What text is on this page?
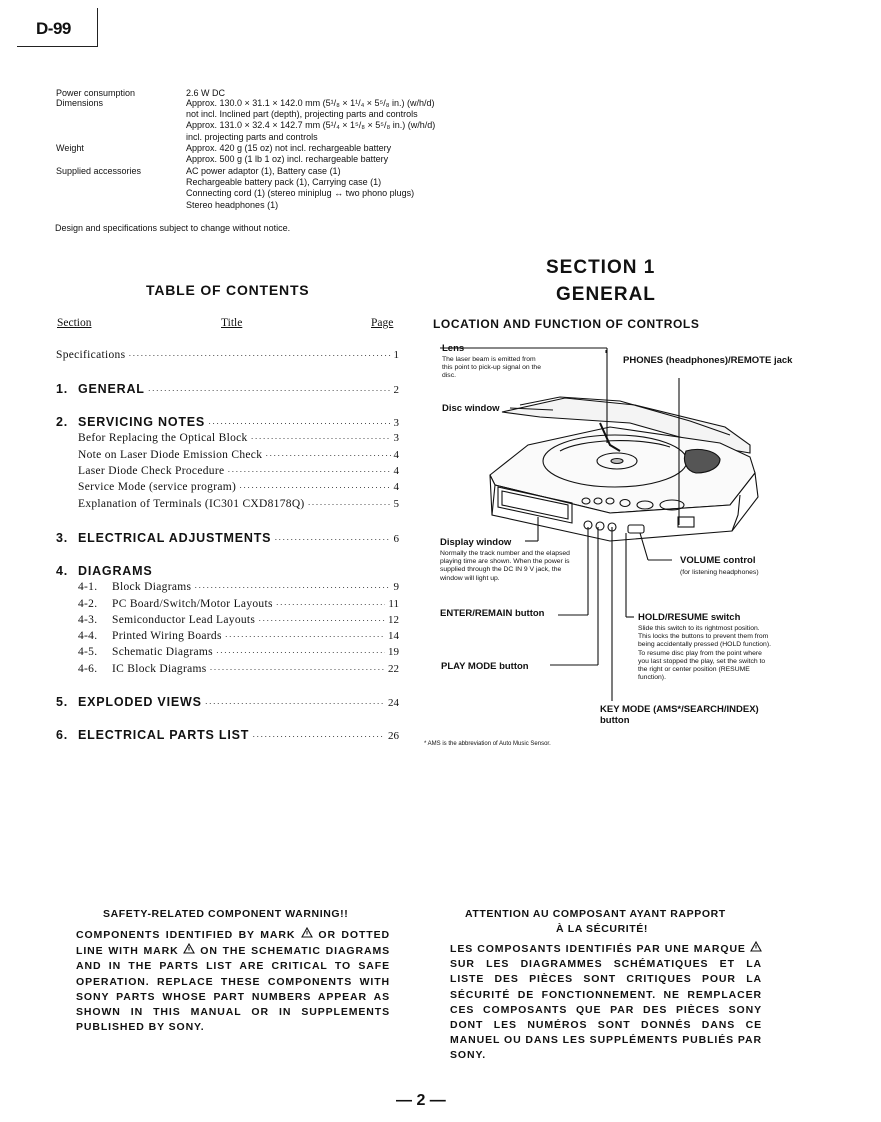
D-99
Power consumption	2.6 W DC
Dimensions	Approx. 130.0 × 31.1 × 142.0 mm (5¹/₈ × 1¹/₄ × 5⁵/₈ in.) (w/h/d)
not incl. Inclined part (depth), projecting parts and controls
Approx. 131.0 × 32.4 × 142.7 mm (5¹/₄ × 1⁵/₈ × 5⁵/₈ in.) (w/h/d)
incl. projecting parts and controls
Weight	Approx. 420 g (15 oz) not incl. rechargeable battery
Approx. 500 g (1 lb 1 oz) incl. rechargeable battery
Supplied accessories	AC power adaptor (1), Battery case (1)
Rechargeable battery pack (1), Carrying case (1)
Connecting cord (1) (stereo miniplug ↔ two phono plugs)
Stereo headphones (1)
Design and specifications subject to change without notice.
TABLE OF CONTENTS
Section	Title	Page
Specifications ·····	1
1. GENERAL ·····	2
2. SERVICING NOTES ·····	3
Befor Replacing the Optical Block ·····	3
Note on Laser Diode Emission Check ·····	4
Laser Diode Check Procedure ·····	4
Service Mode (service program) ·····	4
Explanation of Terminals (IC301 CXD8178Q) ·····	5
3. ELECTRICAL ADJUSTMENTS ·····	6
4. DIAGRAMS
4-1.	Block Diagrams ·····	9
4-2.	PC Board/Switch/Motor Layouts ·····	11
4-3.	Semiconductor Lead Layouts ·····	12
4-4.	Printed Wiring Boards ·····	14
4-5.	Schematic Diagrams ·····	19
4-6.	IC Block Diagrams ·····	22
5. EXPLODED VIEWS ·····	24
6. ELECTRICAL PARTS LIST ·····	26
SECTION 1
GENERAL
LOCATION AND FUNCTION OF CONTROLS
Lens
The laser beam is emitted from this point to pick-up signal on the disc.
PHONES (headphones)/REMOTE jack
Disc window
Display window
Normally the track number and the elapsed playing time are shown. When the power is supplied through the DC IN 9 V jack, the window will light up.
VOLUME control
(for listening headphones)
ENTER/REMAIN button	HOLD/RESUME switch
Slide this switch to its rightmost position. This locks the buttons to prevent them from being accidentally pressed (HOLD function). To resume disc play from the point where you last stopped the play, set the switch to the right or center position (RESUME function).
PLAY MODE button
KEY MODE (AMS*/SEARCH/INDEX) button
* AMS is the abbreviation of Auto Music Sensor.
SAFETY-RELATED COMPONENT WARNING!!
COMPONENTS IDENTIFIED BY MARK OR DOTTED LINE WITH MARK ON THE SCHEMATIC DIAGRAMS AND IN THE PARTS LIST ARE CRITICAL TO SAFE OPERATION. REPLACE THESE COMPONENTS WITH SONY PARTS WHOSE PART NUMBERS APPEAR AS SHOWN IN THIS MANUAL OR IN SUPPLEMENTS PUBLISHED BY SONY.
ATTENTION AU COMPOSANT AYANT RAPPORT
À LA SÉCURITÉ!
LES COMPOSANTS IDENTIFIÉS PAR UNE MARQUE  SUR LES DIAGRAMMES SCHÉMATIQUES ET LA LISTE DES PIÈCES SONT CRITIQUES POUR LA SÉCURITÉ DE FONCTIONNEMENT. NE REMPLACER CES COMPOSANTS QUE PAR DES PIÈCES SONY DONT LES NUMÉROS SONT DONNÉS DANS CE MANUEL OU DANS LES SUPPLÉMENTS PUBLIÉS PAR SONY.
— 2 —
